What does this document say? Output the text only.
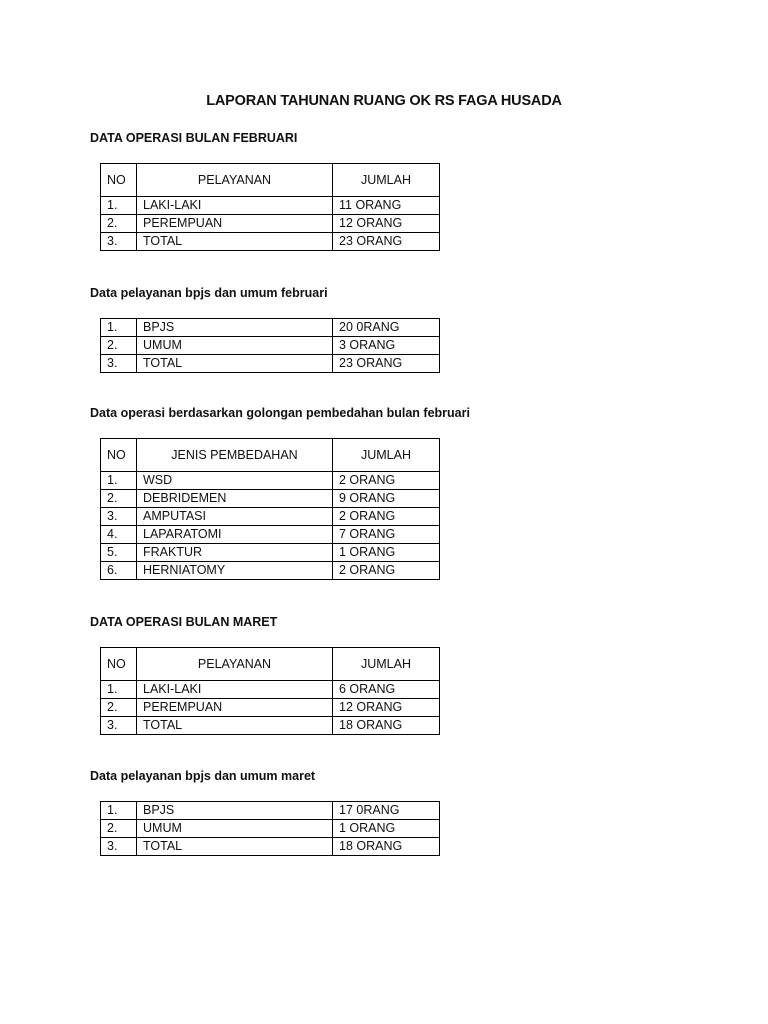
LAPORAN TAHUNAN RUANG OK RS FAGA HUSADA
DATA OPERASI BULAN FEBRUARI
NO	PELAYANAN	JUMLAH
1.	LAKI-LAKI	11 ORANG
2.	PEREMPUAN	12 ORANG
3.	TOTAL	23 ORANG
Data pelayanan bpjs dan umum februari
1.	BPJS	20 0RANG
2.	UMUM	3 ORANG
3.	TOTAL	23 ORANG
Data operasi berdasarkan golongan pembedahan bulan februari
NO	JENIS PEMBEDAHAN	JUMLAH
1.	WSD	2 ORANG
2.	DEBRIDEMEN	9 ORANG
3.	AMPUTASI	2 ORANG
4.	LAPARATOMI	7 ORANG
5.	FRAKTUR	1 ORANG
6.	HERNIATOMY	2 ORANG
DATA OPERASI BULAN MARET
NO	PELAYANAN	JUMLAH
1.	LAKI-LAKI	6 ORANG
2.	PEREMPUAN	12 ORANG
3.	TOTAL	18 ORANG
Data pelayanan bpjs dan umum maret
1.	BPJS	17 0RANG
2.	UMUM	1 ORANG
3.	TOTAL	18 ORANG
